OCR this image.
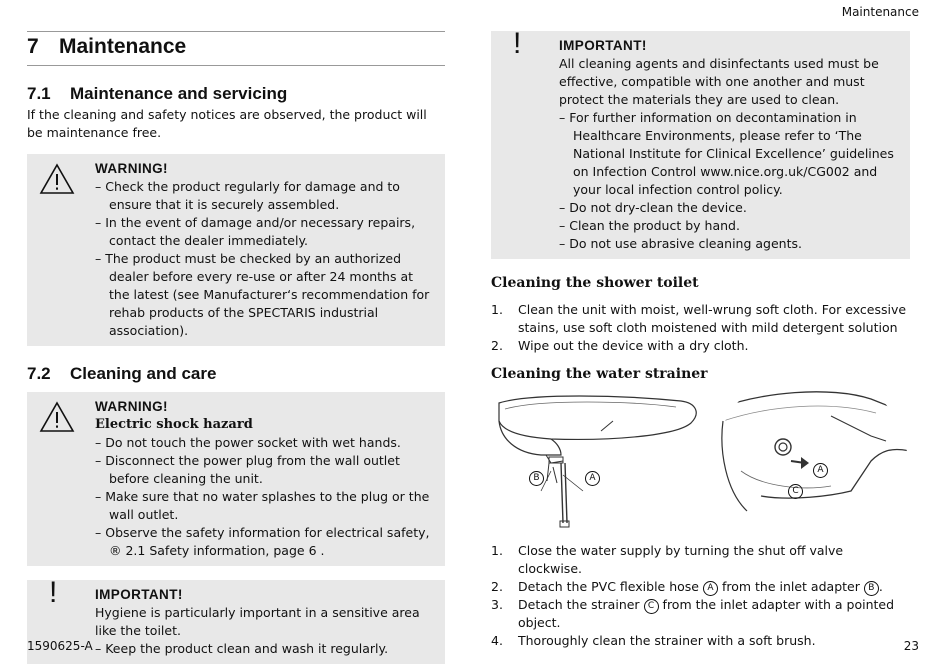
Maintenance
7 Maintenance
7.1 Maintenance and servicing
If the cleaning and safety notices are observed, the product will be maintenance free.
WARNING!
– Check the product regularly for damage and to ensure that it is securely assembled.
– In the event of damage and/or necessary repairs, contact the dealer immediately.
– The product must be checked by an authorized dealer before every re-use or after 24 months at the latest (see Manufacturer‘s recommendation for rehab products of the SPECTARIS industrial association).
7.2 Cleaning and care
WARNING!
Electric shock hazard
– Do not touch the power socket with wet hands.
– Disconnect the power plug from the wall outlet before cleaning the unit.
– Make sure that no water splashes to the plug or the wall outlet.
– Observe the safety information for electrical safety, ® 2.1 Safety information, page 6 .
!	IMPORTANT!
Hygiene is particularly important in a sensitive area like the toilet.
– Keep the product clean and wash it regularly.
!	IMPORTANT!
All cleaning agents and disinfectants used must be effective, compatible with one another and must protect the materials they are used to clean.
– For further information on decontamination in Healthcare Environments, please refer to ‘The National Institute for Clinical Excellence’ guidelines on Infection Control www.nice.org.uk/CG002 and your local infection control policy.
– Do not dry-clean the device.
– Clean the product by hand.
– Do not use abrasive cleaning agents.
Cleaning the shower toilet
1. Clean the unit with moist, well-wrung soft cloth. For excessive stains, use soft cloth moistened with mild detergent solution
2. Wipe out the device with a dry cloth.
Cleaning the water strainer
B	A
A
C
1. Close the water supply by turning the shut off valve clockwise.
2. Detach the PVC flexible hose A from the inlet adapter B .
3. Detach the strainer C from the inlet adapter with a pointed object.
4. Thoroughly clean the strainer with a soft brush.
1590625-A	23
